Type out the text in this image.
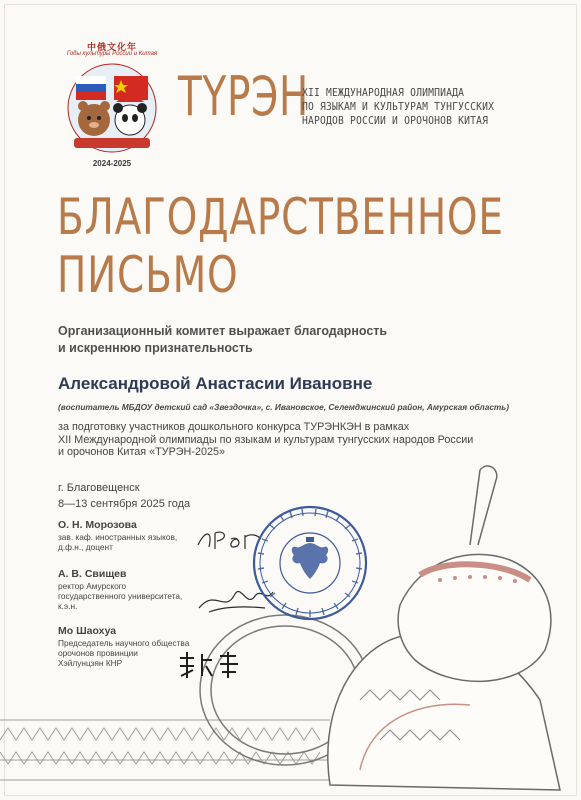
中俄文化年
Годы культуры России и Китая
2024-2025
ТҮРЭН
XII МЕЖДУНАРОДНАЯ ОЛИМПИАДА
ПО ЯЗЫКАМ И КУЛЬТУРАМ ТУНГУССКИХ
НАРОДОВ РОССИИ И ОРОЧОНОВ КИТАЯ
БЛАГОДАРСТВЕННОЕ
ПИСЬМО
Организационный комитет выражает благодарность
и искреннюю признательность
Александровой Анастасии Ивановне
(воспитатель МБДОУ детский сад «Звездочка», с. Ивановское, Селемджинский район, Амурская область)
за подготовку участников дошкольного конкурса ТУРЭНКЭН в рамках
XII Международной олимпиады по языкам и культурам тунгусских народов России
и орочонов Китая «ТУРЭН-2025»
г. Благовещенск
8—13 сентября 2025 года
О. Н. Морозова
зав. каф. иностранных языков,
д.ф.н., доцент
А. В. Свищев
ректор Амурского
государственного университета,
к.э.н.
Мо Шаохуа
Председатель научного общества
орочонов провинции
Хэйлунцзян КНР
